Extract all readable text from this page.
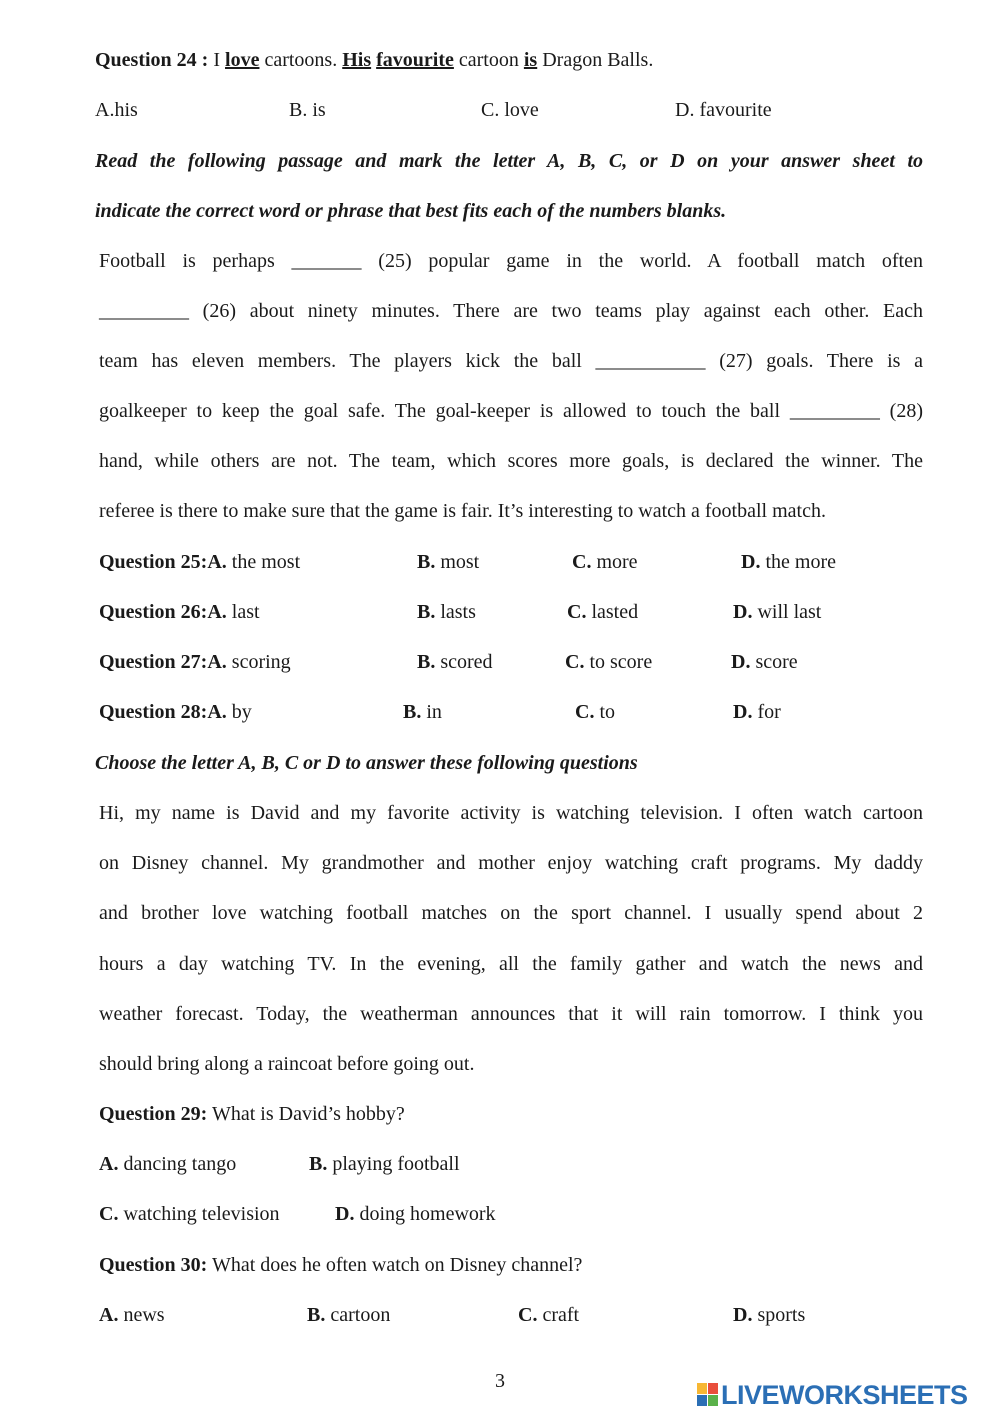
Question 24 : I love cartoons. His favourite cartoon is Dragon Balls.
A.his	B. is	C. love	D. favourite
Read the following passage and mark the letter A, B, C, or D on your answer sheet to
indicate the correct word or phrase that best fits each of the numbers blanks.
Football is perhaps _______ (25) popular game in the world. A football match often
_________ (26) about ninety minutes. There are two teams play against each other. Each
team has eleven members. The players kick the ball ___________ (27) goals. There is a
goalkeeper to keep the goal safe. The goal-keeper is allowed to touch the ball _________ (28)
hand, while others are not. The team, which scores more goals, is declared the winner. The
referee is there to make sure that the game is fair. It’s interesting to watch a football match.
Question 25:A. the most	B. most	C. more	D. the more
Question 26:A. last	B. lasts	C. lasted	D. will last
Question 27:A. scoring	B. scored	C. to score	D. score
Question 28:A. by	B. in	C. to	D. for
Choose the letter A, B, C or D to answer these following questions
Hi, my name is David and my favorite activity is watching television. I often watch cartoon
on Disney channel. My grandmother and mother enjoy watching craft programs. My daddy
and brother love watching football matches on the sport channel. I usually spend about 2
hours a day watching TV. In the evening, all the family gather and watch the news and
weather forecast. Today, the weatherman announces that it will rain tomorrow. I think you
should bring along a raincoat before going out.
Question 29: What is David’s hobby?
A. dancing tango	B. playing football
C. watching television	D. doing homework
Question 30: What does he often watch on Disney channel?
A. news	B. cartoon	C. craft	D. sports
3	LIVEWORKSHEETS
